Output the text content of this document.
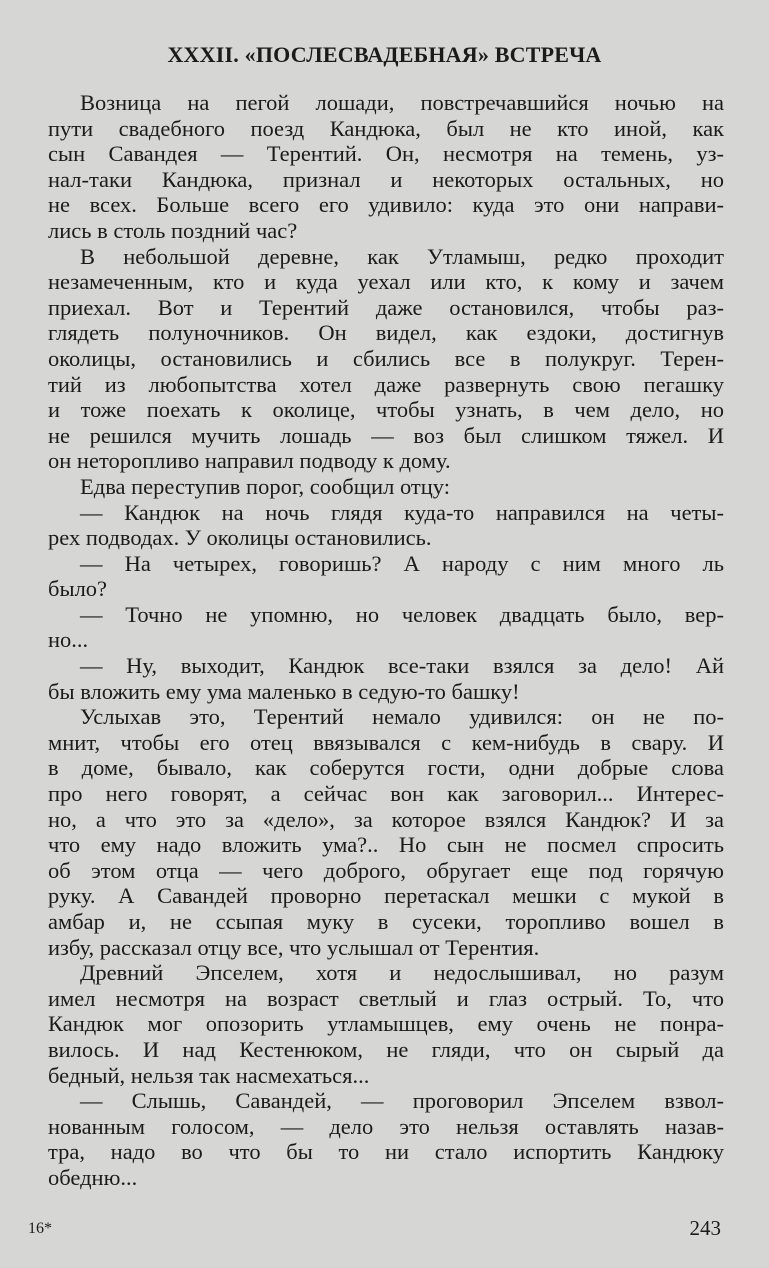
XXXII. «ПОСЛЕСВАДЕБНАЯ» ВСТРЕЧА
Возница на пегой лошади, повстречавшийся ночью на
пути свадебного поезд Кандюка, был не кто иной, как
сын Савандея — Терентий. Он, несмотря на темень, уз-
нал-таки Кандюка, признал и некоторых остальных, но
не всех. Больше всего его удивило: куда это они направи-
лись в столь поздний час?
В небольшой деревне, как Утламыш, редко проходит
незамеченным, кто и куда уехал или кто, к кому и зачем
приехал. Вот и Терентий даже остановился, чтобы раз-
глядеть полуночников. Он видел, как ездоки, достигнув
околицы, остановились и сбились все в полукруг. Терен-
тий из любопытства хотел даже развернуть свою пегашку
и тоже поехать к околице, чтобы узнать, в чем дело, но
не решился мучить лошадь — воз был слишком тяжел. И
он неторопливо направил подводу к дому.
Едва переступив порог, сообщил отцу:
— Кандюк на ночь глядя куда-то направился на четы-
рех подводах. У околицы остановились.
— На четырех, говоришь? А народу с ним много ль
было?
— Точно не упомню, но человек двадцать было, вер-
но...
— Ну, выходит, Кандюк все-таки взялся за дело! Ай
бы вложить ему ума маленько в седую-то башку!
Услыхав это, Терентий немало удивился: он не по-
мнит, чтобы его отец ввязывался с кем-нибудь в свару. И
в доме, бывало, как соберутся гости, одни добрые слова
про него говорят, а сейчас вон как заговорил... Интерес-
но, а что это за «дело», за которое взялся Кандюк? И за
что ему надо вложить ума?.. Но сын не посмел спросить
об этом отца — чего доброго, обругает еще под горячую
руку. А Савандей проворно перетаскал мешки с мукой в
амбар и, не ссыпая муку в сусеки, торопливо вошел в
избу, рассказал отцу все, что услышал от Терентия.
Древний Эпселем, хотя и недослышивал, но разум
имел несмотря на возраст светлый и глаз острый. То, что
Кандюк мог опозорить утламышцев, ему очень не понра-
вилось. И над Кестенюком, не гляди, что он сырый да
бедный, нельзя так насмехаться...
— Слышь, Савандей, — проговорил Эпселем взвол-
нованным голосом, — дело это нельзя оставлять назав-
тра, надо во что бы то ни стало испортить Кандюку
обедню...
16*	243
